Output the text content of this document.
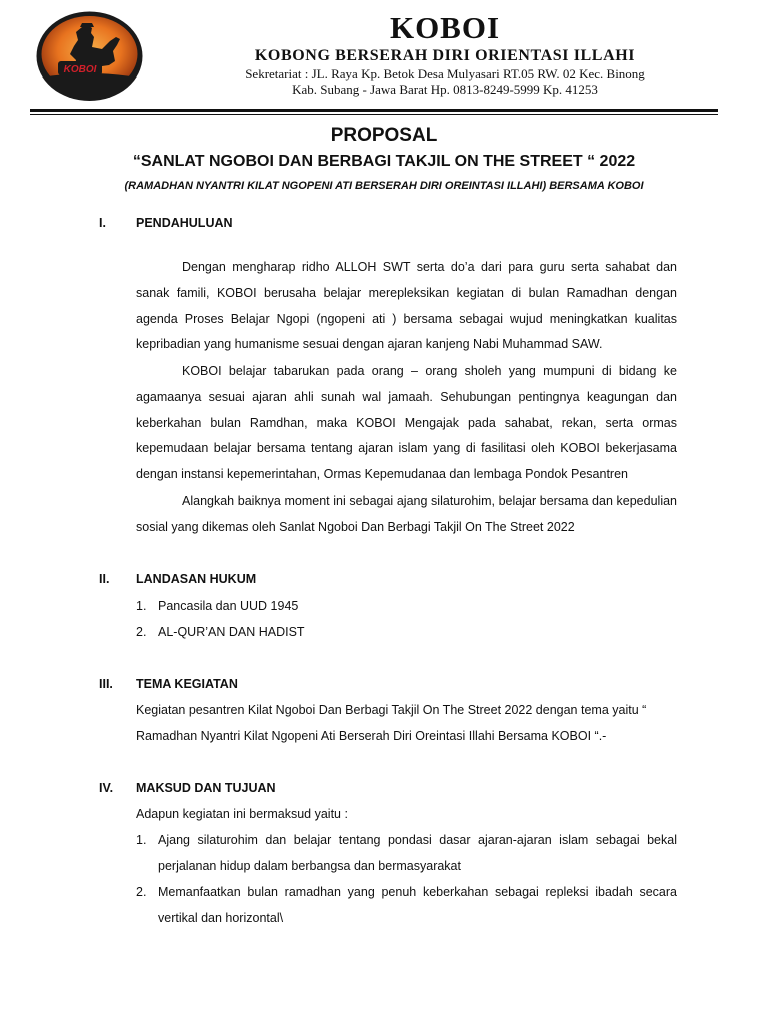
KOBOI
KOBOI
KOBONG BERSERAH DIRI ORIENTASI ILLAHI
Sekretariat : JL. Raya Kp. Betok Desa Mulyasari RT.05 RW. 02 Kec. Binong
Kab. Subang - Jawa Barat Hp. 0813-8249-5999 Kp. 41253
PROPOSAL
“SANLAT NGOBOI DAN BERBAGI TAKJIL ON THE STREET “ 2022
(RAMADHAN NYANTRI KILAT NGOPENI ATI BERSERAH DIRI OREINTASI ILLAHI) BERSAMA KOBOI
I. PENDAHULUAN

Dengan mengharap ridho ALLOH SWT serta do’a dari para guru serta sahabat dan sanak famili, KOBOI berusaha belajar merepleksikan kegiatan di bulan Ramadhan dengan agenda Proses Belajar Ngopi (ngopeni ati ) bersama sebagai wujud meningkatkan kualitas kepribadian yang humanisme sesuai dengan ajaran kanjeng Nabi Muhammad SAW.

KOBOI belajar tabarukan pada orang – orang sholeh yang mumpuni di bidang ke agamaanya sesuai ajaran ahli sunah wal jamaah. Sehubungan pentingnya keagungan dan keberkahan bulan Ramdhan, maka KOBOI Mengajak pada sahabat, rekan, serta ormas kepemudaan belajar bersama tentang ajaran islam yang di fasilitasi oleh KOBOI bekerjasama dengan instansi kepemerintahan, Ormas Kepemudanaa dan lembaga Pondok Pesantren

Alangkah baiknya moment ini sebagai ajang silaturohim, belajar bersama dan kepedulian sosial yang dikemas oleh Sanlat Ngoboi Dan Berbagi Takjil On The Street 2022

II. LANDASAN HUKUM
1. Pancasila dan UUD 1945
2. AL-QUR’AN DAN HADIST
III. TEMA KEGIATAN
Kegiatan pesantren Kilat Ngoboi Dan Berbagi Takjil On The Street 2022 dengan tema yaitu “
Ramadhan Nyantri Kilat Ngopeni Ati Berserah Diri Oreintasi Illahi Bersama KOBOI “.-
IV. MAKSUD DAN TUJUAN
Adapun kegiatan ini bermaksud yaitu :
1. Ajang silaturohim dan belajar tentang pondasi dasar ajaran-ajaran islam sebagai bekal perjalanan hidup dalam berbangsa dan bermasyarakat
2. Memanfaatkan bulan ramadhan yang penuh keberkahan sebagai repleksi ibadah secara vertikal dan horizontal\
